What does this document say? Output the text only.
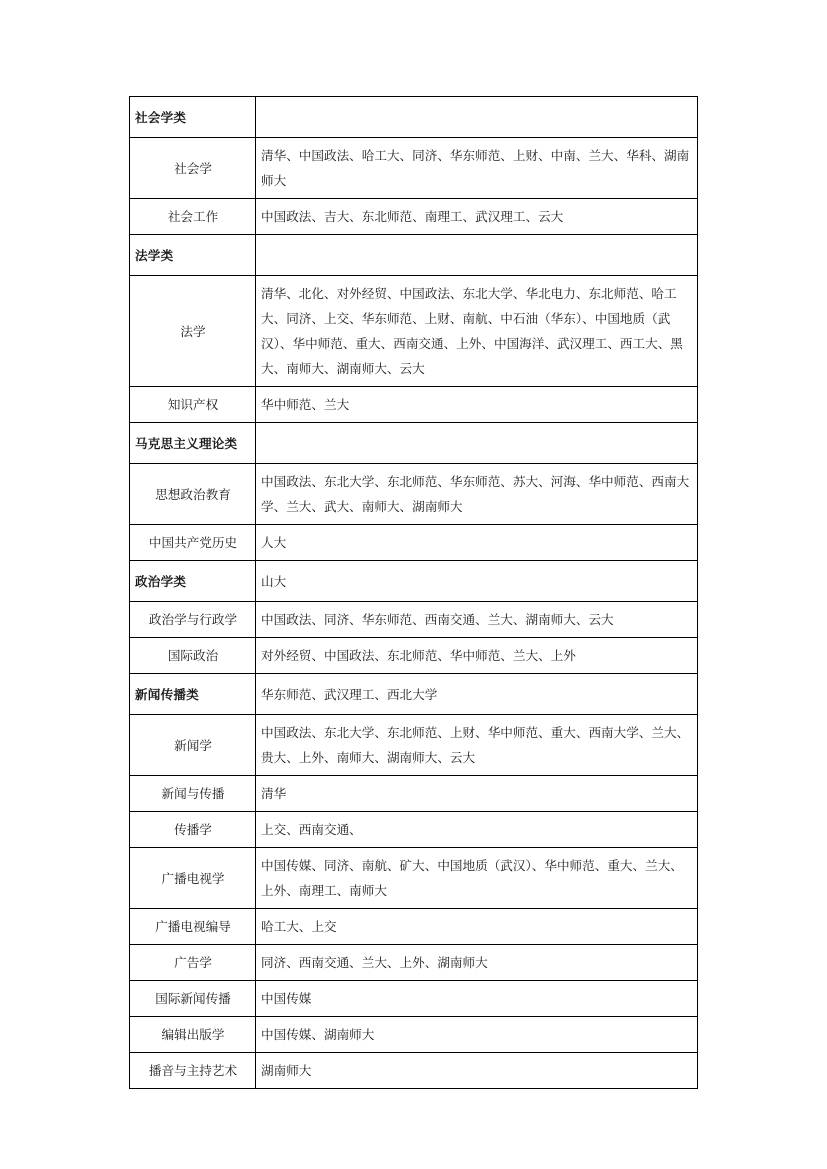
社会学类	
社会学	清华、中国政法、哈工大、同济、华东师范、上财、中南、兰大、华科、湖南师大
社会工作	中国政法、吉大、东北师范、南理工、武汉理工、云大
法学类	
法学	清华、北化、对外经贸、中国政法、东北大学、华北电力、东北师范、哈工大、同济、上交、华东师范、上财、南航、中石油（华东）、中国地质（武汉）、华中师范、重大、西南交通、上外、中国海洋、武汉理工、西工大、黑大、南师大、湖南师大、云大
知识产权	华中师范、兰大
马克思主义理论类	
思想政治教育	中国政法、东北大学、东北师范、华东师范、苏大、河海、华中师范、西南大学、兰大、武大、南师大、湖南师大
中国共产党历史	人大
政治学类	山大
政治学与行政学	中国政法、同济、华东师范、西南交通、兰大、湖南师大、云大
国际政治	对外经贸、中国政法、东北师范、华中师范、兰大、上外
新闻传播类	华东师范、武汉理工、西北大学
新闻学	中国政法、东北大学、东北师范、上财、华中师范、重大、西南大学、兰大、贵大、上外、南师大、湖南师大、云大
新闻与传播	清华
传播学	上交、西南交通、
广播电视学	中国传媒、同济、南航、矿大、中国地质（武汉）、华中师范、重大、兰大、上外、南理工、南师大
广播电视编导	哈工大、上交
广告学	同济、西南交通、兰大、上外、湖南师大
国际新闻传播	中国传媒
编辑出版学	中国传媒、湖南师大
播音与主持艺术	湖南师大
